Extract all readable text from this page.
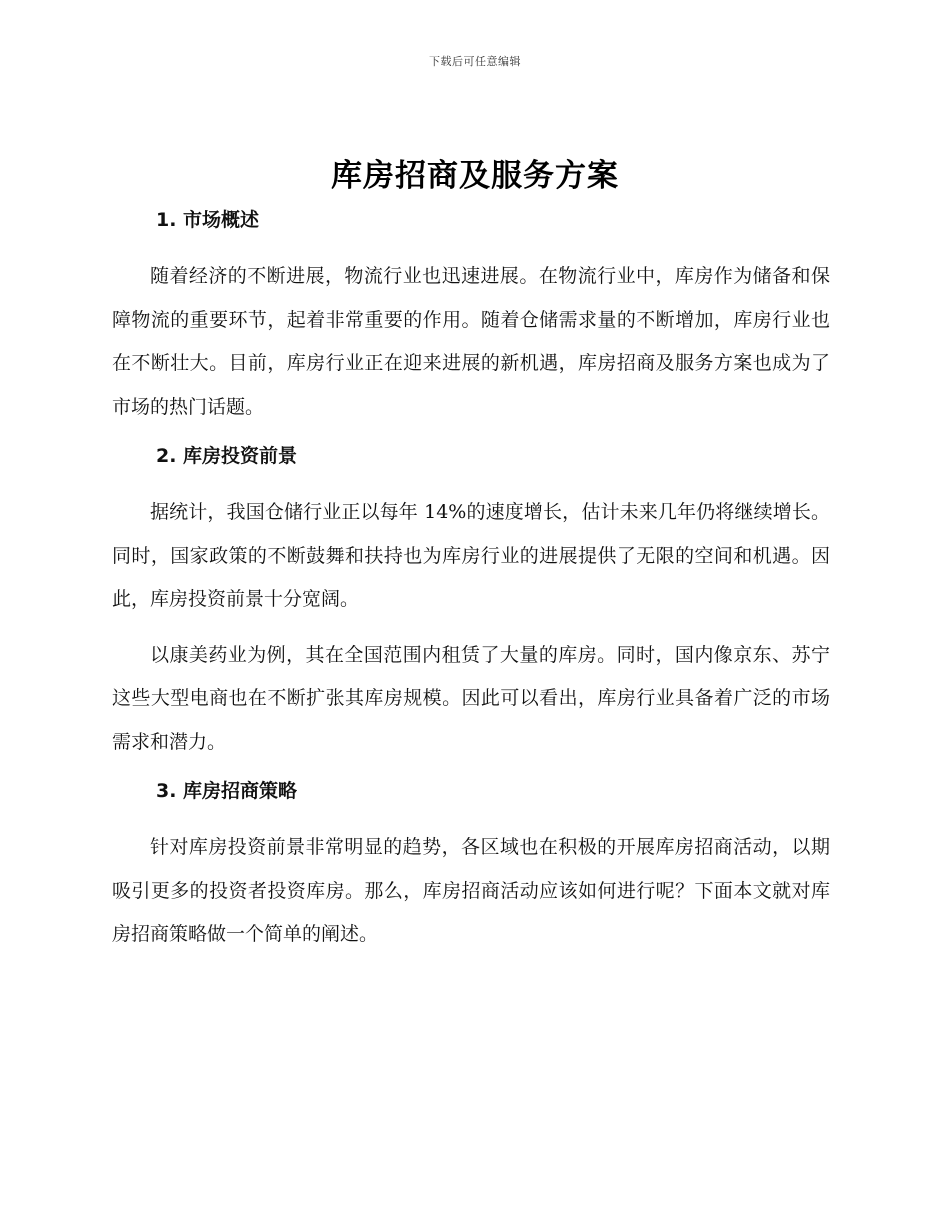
下载后可任意编辑
库房招商及服务方案
1. 市场概述

随着经济的不断进展，物流行业也迅速进展。在物流行业中，库房作为储备和保障物流的重要环节，起着非常重要的作用。随着仓储需求量的不断增加，库房行业也在不断壮大。目前，库房行业正在迎来进展的新机遇，库房招商及服务方案也成为了市场的热门话题。

2. 库房投资前景

据统计，我国仓储行业正以每年 14%的速度增长，估计未来几年仍将继续增长。同时，国家政策的不断鼓舞和扶持也为库房行业的进展提供了无限的空间和机遇。因此，库房投资前景十分宽阔。

以康美药业为例，其在全国范围内租赁了大量的库房。同时，国内像京东、苏宁这些大型电商也在不断扩张其库房规模。因此可以看出，库房行业具备着广泛的市场需求和潜力。

3. 库房招商策略

针对库房投资前景非常明显的趋势，各区域也在积极的开展库房招商活动，以期吸引更多的投资者投资库房。那么，库房招商活动应该如何进行呢？下面本文就对库房招商策略做一个简单的阐述。
